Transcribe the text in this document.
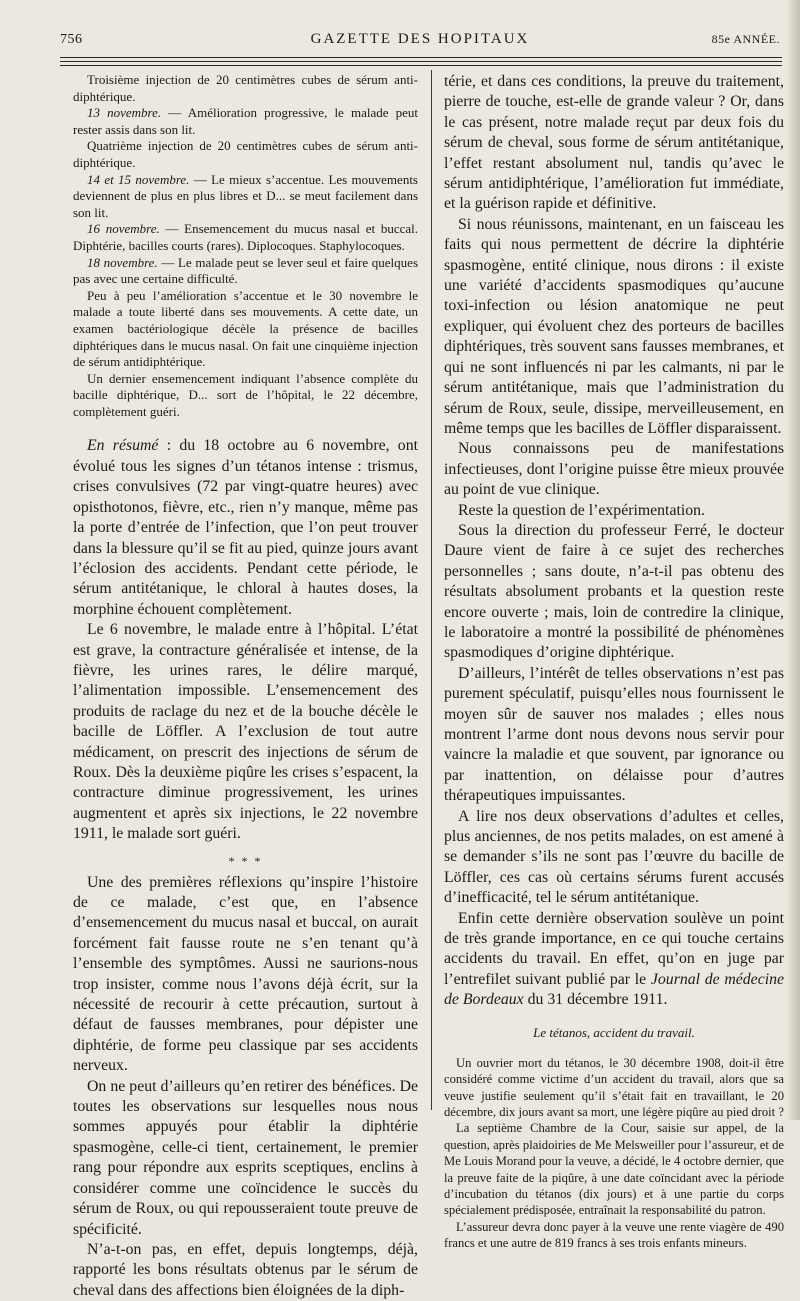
756	GAZETTE DES HOPITAUX	85e ANNÉE.

Troisième injection de 20 centimètres cubes de sérum anti-diphtérique.

13 novembre. — Amélioration progressive, le malade peut rester assis dans son lit.

Quatrième injection de 20 centimètres cubes de sérum anti-diphtérique.

14 et 15 novembre. — Le mieux s’accentue. Les mouvements deviennent de plus en plus libres et D... se meut facilement dans son lit.

16 novembre. — Ensemencement du mucus nasal et buccal. Diphtérie, bacilles courts (rares). Diplocoques. Staphylocoques.

18 novembre. — Le malade peut se lever seul et faire quelques pas avec une certaine difficulté.

Peu à peu l’amélioration s’accentue et le 30 novembre le malade a toute liberté dans ses mouvements. A cette date, un examen bactériologique décèle la présence de bacilles diphtériques dans le mucus nasal. On fait une cinquième injection de sérum antidiphtérique.

Un dernier ensemencement indiquant l’absence complète du bacille diphtérique, D... sort de l’hôpital, le 22 décembre, complètement guéri.

En résumé : du 18 octobre au 6 novembre, ont évolué tous les signes d’un tétanos intense : trismus, crises convulsives (72 par vingt-quatre heures) avec opisthotonos, fièvre, etc., rien n’y manque, même pas la porte d’entrée de l’infection, que l’on peut trouver dans la blessure qu’il se fit au pied, quinze jours avant l’éclosion des accidents. Pendant cette période, le sérum antitétanique, le chloral à hautes doses, la morphine échouent complètement.

Le 6 novembre, le malade entre à l’hôpital. L’état est grave, la contracture généralisée et intense, de la fièvre, les urines rares, le délire marqué, l’alimentation impossible. L’ensemencement des produits de raclage du nez et de la bouche décèle le bacille de Löffler. A l’exclusion de tout autre médicament, on prescrit des injections de sérum de Roux. Dès la deuxième piqûre les crises s’espacent, la contracture diminue progressivement, les urines augmentent et après six injections, le 22 novembre 1911, le malade sort guéri.

* * *

Une des premières réflexions qu’inspire l’histoire de ce malade, c’est que, en l’absence d’ensemencement du mucus nasal et buccal, on aurait forcément fait fausse route ne s’en tenant qu’à l’ensemble des symptômes. Aussi ne saurions-nous trop insister, comme nous l’avons déjà écrit, sur la nécessité de recourir à cette précaution, surtout à défaut de fausses membranes, pour dépister une diphtérie, de forme peu classique par ses accidents nerveux.

On ne peut d’ailleurs qu’en retirer des bénéfices. De toutes les observations sur lesquelles nous nous sommes appuyés pour établir la diphtérie spasmogène, celle-ci tient, certainement, le premier rang pour répondre aux esprits sceptiques, enclins à considérer comme une coïncidence le succès du sérum de Roux, ou qui repousseraient toute preuve de spécificité.

N’a-t-on pas, en effet, depuis longtemps, déjà, rapporté les bons résultats obtenus par le sérum de cheval dans des affections bien éloignées de la diph-

térie, et dans ces conditions, la preuve du traitement, pierre de touche, est-elle de grande valeur ? Or, dans le cas présent, notre malade reçut par deux fois du sérum de cheval, sous forme de sérum antitétanique, l’effet restant absolument nul, tandis qu’avec le sérum antidiphtérique, l’amélioration fut immédiate, et la guérison rapide et définitive.

Si nous réunissons, maintenant, en un faisceau les faits qui nous permettent de décrire la diphtérie spasmogène, entité clinique, nous dirons : il existe une variété d’accidents spasmodiques qu’aucune toxi-infection ou lésion anatomique ne peut expliquer, qui évoluent chez des porteurs de bacilles diphtériques, très souvent sans fausses membranes, et qui ne sont influencés ni par les calmants, ni par le sérum antitétanique, mais que l’administration du sérum de Roux, seule, dissipe, merveilleusement, en même temps que les bacilles de Löffler disparaissent.

Nous connaissons peu de manifestations infectieuses, dont l’origine puisse être mieux prouvée au point de vue clinique.

Reste la question de l’expérimentation.

Sous la direction du professeur Ferré, le docteur Daure vient de faire à ce sujet des recherches personnelles ; sans doute, n’a-t-il pas obtenu des résultats absolument probants et la question reste encore ouverte ; mais, loin de contredire la clinique, le laboratoire a montré la possibilité de phénomènes spasmodiques d’origine diphtérique.

D’ailleurs, l’intérêt de telles observations n’est pas purement spéculatif, puisqu’elles nous fournissent le moyen sûr de sauver nos malades ; elles nous montrent l’arme dont nous devons nous servir pour vaincre la maladie et que souvent, par ignorance ou par inattention, on délaisse pour d’autres thérapeutiques impuissantes.

A lire nos deux observations d’adultes et celles, plus anciennes, de nos petits malades, on est amené à se demander s’ils ne sont pas l’œuvre du bacille de Löffler, ces cas où certains sérums furent accusés d’inefficacité, tel le sérum antitétanique.

Enfin cette dernière observation soulève un point de très grande importance, en ce qui touche certains accidents du travail. En effet, qu’on en juge par l’entrefilet suivant publié par le Journal de médecine de Bordeaux du 31 décembre 1911.

Le tétanos, accident du travail.

Un ouvrier mort du tétanos, le 30 décembre 1908, doit-il être considéré comme victime d’un accident du travail, alors que sa veuve justifie seulement qu’il s’était fait en travaillant, le 20 décembre, dix jours avant sa mort, une légère piqûre au pied droit ?

La septième Chambre de la Cour, saisie sur appel, de la question, après plaidoiries de Me Melsweiller pour l’assureur, et de Me Louis Morand pour la veuve, a décidé, le 4 octobre dernier, que la preuve faite de la piqûre, à une date coïncidant avec la période d’incubation du tétanos (dix jours) et à une partie du corps spécialement prédisposée, entraînait la responsabilité du patron.

L’assureur devra donc payer à la veuve une rente viagère de 490 francs et une autre de 819 francs à ses trois enfants mineurs.
